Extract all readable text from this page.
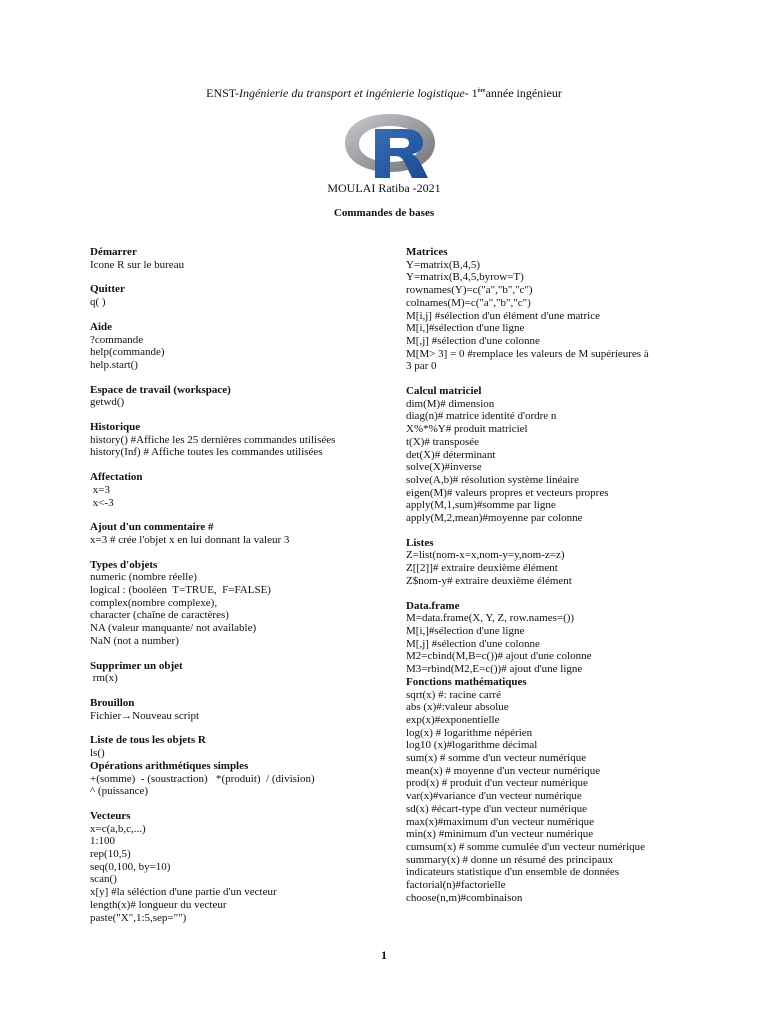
ENST-Ingénierie du transport et ingénierie logistique- 1èreannée ingénieur
MOULAI Ratiba -2021
Commandes de bases
Démarrer
Icone R sur le bureau
Quitter
q( )
Aide
?commande
help(commande)
help.start()
Espace de travail (workspace)
getwd()
Historique
history() #Affiche les 25 dernières commandes utilisées
history(Inf) # Affiche toutes les commandes utilisées
Affectation
x=3
x<-3
Ajout d'un commentaire #
x=3 # crée l'objet x en lui donnant la valeur 3
Types d'objets
numeric (nombre réelle)
logical : (booléen  T=TRUE,  F=FALSE)
complex(nombre complexe),
character (chaîne de caractères)
NA (valeur manquante/ not available)
NaN (not a number)
Supprimer un objet
rm(x)
Brouillon
Fichier→Nouveau script
Liste de tous les objets R
ls()
Opérations arithmétiques simples
+(somme)  - (soustraction)   *(produit)  / (division)
^ (puissance)
Vecteurs
x=c(a,b,c,...)
1:100
rep(10,5)
seq(0,100, by=10)
scan()
x[y] #la séléction d'une partie d'un vecteur
length(x)# longueur du vecteur
paste("X",1:5,sep="")
Matrices
Y=matrix(B,4,5)
Y=matrix(B,4,5,byrow=T)
rownames(Y)=c("a","b","c")
colnames(M)=c("a","b","c")
M[i,j] #sélection d'un élément d'une matrice
M[i,]#sélection d'une ligne
M[,j] #sélection d'une colonne
M[M> 3] = 0 #remplace les valeurs de M supérieures à
3 par 0
Calcul matriciel
dim(M)# dimension
diag(n)# matrice identité d'ordre n
X%*%Y# produit matriciel
t(X)# transposée
det(X)# déterminant
solve(X)#inverse
solve(A,b)# résolution système linéaire
eigen(M)# valeurs propres et vecteurs propres
apply(M,1,sum)#somme par ligne
apply(M,2,mean)#moyenne par colonne
Listes
Z=list(nom-x=x,nom-y=y,nom-z=z)
Z[[2]]# extraire deuxième élément
Z$nom-y# extraire deuxième élément
Data.frame
M=data.frame(X, Y, Z, row.names=())
M[i,]#sélection d'une ligne
M[,j] #sélection d'une colonne
M2=cbind(M,B=c())# ajout d'une colonne
M3=rbind(M2,E=c())# ajout d'une ligne
Fonctions mathématiques
sqrt(x) #: racine carré
abs (x)#:valeur absolue
exp(x)#exponentielle
log(x) # logarithme népérien
log10 (x)#logarithme décimal
sum(x) # somme d'un vecteur numérique
mean(x) # moyenne d'un vecteur numérique
prod(x) # produit d'un vecteur numérique
var(x)#variance d'un vecteur numérique
sd(x) #écart-type d'un vecteur numérique
max(x)#maximum d'un vecteur numérique
min(x) #minimum d'un vecteur numérique
cumsum(x) # somme cumulée d'un vecteur numérique
summary(x) # donne un résumé des principaux
indicateurs statistique d'un ensemble de données
factorial(n)#factorielle
choose(n,m)#combinaison
1
